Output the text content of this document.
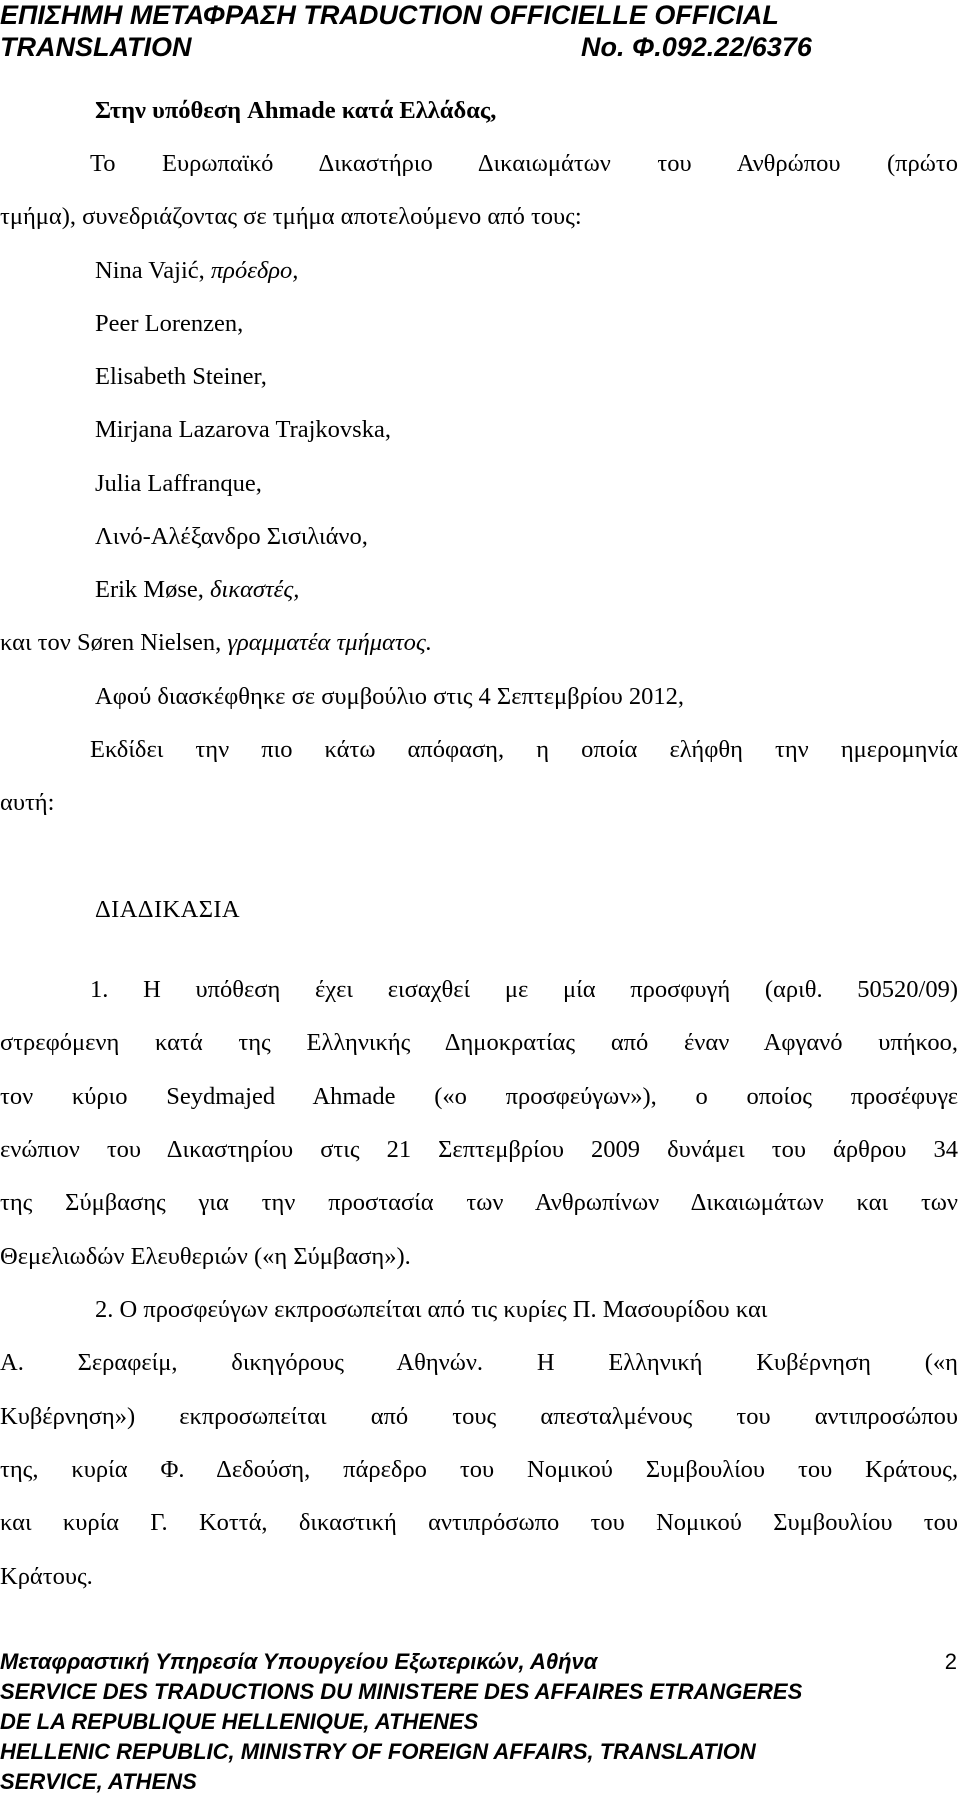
ΕΠΙΣΗΜΗ ΜΕΤΑΦΡΑΣΗ TRADUCTION OFFICIELLE OFFICIAL
TRANSLATION	No. Φ.092.22/6376
Στην υπόθεση Ahmade κατά Ελλάδας,
Το Ευρωπαϊκό Δικαστήριο Δικαιωμάτων του Ανθρώπου (πρώτο
τμήμα), συνεδριάζοντας σε τμήμα αποτελούμενο από τους:
Nina Vajić, πρόεδρο,
Peer Lorenzen,
Elisabeth Steiner,
Mirjana Lazarova Trajkovska,
Julia Laffranque,
Λινό-Αλέξανδρο Σισιλιάνο,
Erik Møse, δικαστές,
και τον Søren Nielsen, γραμματέα τμήματος.
Αφού διασκέφθηκε σε συμβούλιο στις 4 Σεπτεμβρίου 2012,
Εκδίδει την πιο κάτω απόφαση, η οποία ελήφθη την ημερομηνία
αυτή:
ΔΙΑΔΙΚΑΣΙΑ
1. Η υπόθεση έχει εισαχθεί με μία προσφυγή (αριθ. 50520/09)
στρεφόμενη κατά της Ελληνικής Δημοκρατίας από έναν Αφγανό υπήκοο,
τον κύριο Seydmajed Ahmade («ο προσφεύγων»), ο οποίος προσέφυγε
ενώπιον του Δικαστηρίου στις 21 Σεπτεμβρίου 2009 δυνάμει του άρθρου 34
της Σύμβασης για την προστασία των Ανθρωπίνων Δικαιωμάτων και των
Θεμελιωδών Ελευθεριών («η Σύμβαση»).
2. Ο προσφεύγων εκπροσωπείται από τις κυρίες Π. Μασουρίδου και
Α. Σεραφείμ, δικηγόρους Αθηνών. Η Ελληνική Κυβέρνηση («η
Κυβέρνηση») εκπροσωπείται από τους απεσταλμένους του αντιπροσώπου
της, κυρία Φ. Δεδούση, πάρεδρο του Νομικού Συμβουλίου του Κράτους,
και κυρία Γ. Κοττά, δικαστική αντιπρόσωπο του Νομικού Συμβουλίου του
Κράτους.
Μεταφραστική Υπηρεσία Υπουργείου Εξωτερικών, Αθήνα	2
SERVICE DES TRADUCTIONS DU MINISTERE DES AFFAIRES ETRANGERES
DE LA REPUBLIQUE HELLENIQUE, ATHENES
HELLENIC REPUBLIC, MINISTRY OF FOREIGN AFFAIRS, TRANSLATION
SERVICE, ATHENS
